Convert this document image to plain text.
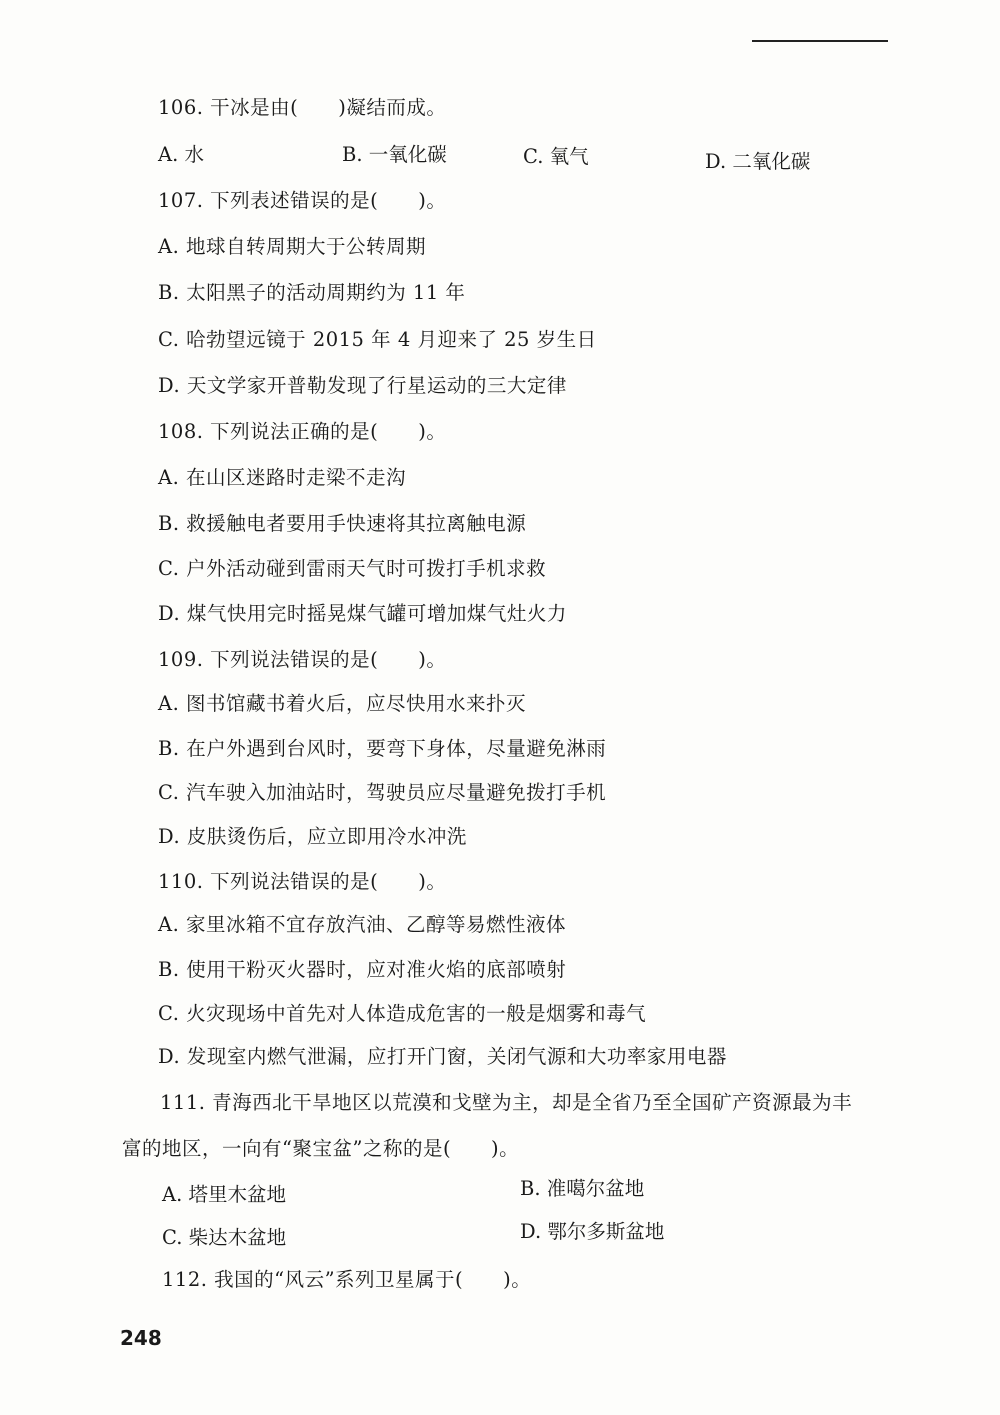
106. 干冰是由(　　)凝结而成。
A. 水	B. 一氧化碳	C. 氧气	D. 二氧化碳
107. 下列表述错误的是(　　)。
A. 地球自转周期大于公转周期
B. 太阳黑子的活动周期约为 11 年
C. 哈勃望远镜于 2015 年 4 月迎来了 25 岁生日
D. 天文学家开普勒发现了行星运动的三大定律
108. 下列说法正确的是(　　)。
A. 在山区迷路时走梁不走沟
B. 救援触电者要用手快速将其拉离触电源
C. 户外活动碰到雷雨天气时可拨打手机求救
D. 煤气快用完时摇晃煤气罐可增加煤气灶火力
109. 下列说法错误的是(　　)。
A. 图书馆藏书着火后，应尽快用水来扑灭
B. 在户外遇到台风时，要弯下身体，尽量避免淋雨
C. 汽车驶入加油站时，驾驶员应尽量避免拨打手机
D. 皮肤烫伤后，应立即用冷水冲洗
110. 下列说法错误的是(　　)。
A. 家里冰箱不宜存放汽油、乙醇等易燃性液体
B. 使用干粉灭火器时，应对准火焰的底部喷射
C. 火灾现场中首先对人体造成危害的一般是烟雾和毒气
D. 发现室内燃气泄漏，应打开门窗，关闭气源和大功率家用电器
111. 青海西北干旱地区以荒漠和戈壁为主，却是全省乃至全国矿产资源最为丰
富的地区，一向有“聚宝盆”之称的是(　　)。
A. 塔里木盆地	B. 准噶尔盆地
C. 柴达木盆地	D. 鄂尔多斯盆地
112. 我国的“风云”系列卫星属于(　　)。
248
